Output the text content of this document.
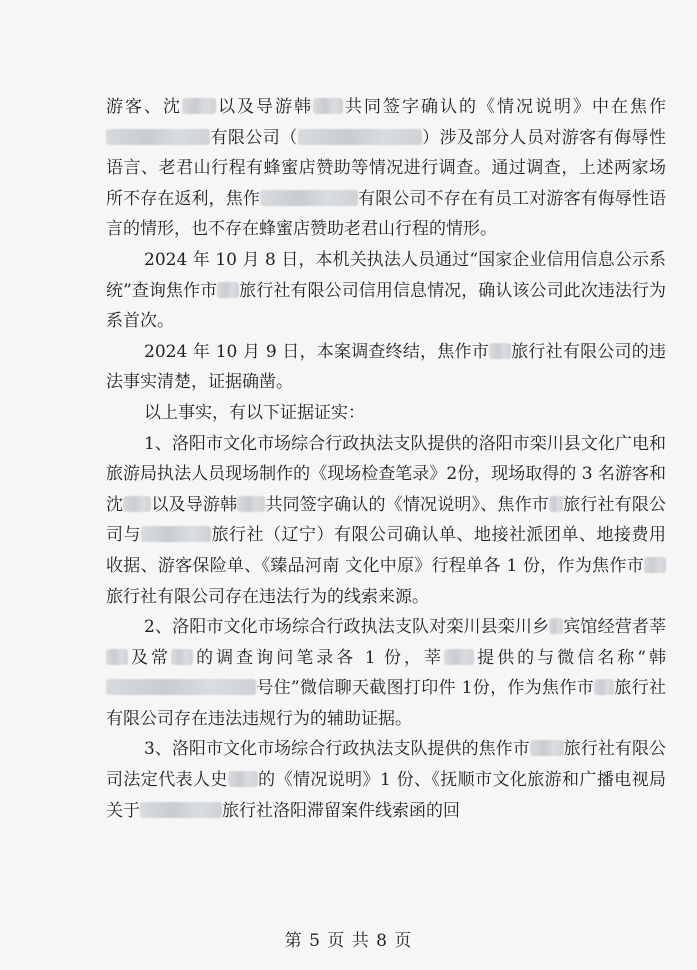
游客、沈 以及导游韩 共同签字确认的《情况说明》中在焦作有限公司（	）涉及部分人员对游客有侮辱性语言、老君山行程有蜂蜜店赞助等情况进行调查。通过调查，上述两家场所不存在返利，焦作	有限公司不存在有员工对游客有侮辱性语言的情形，也不存在蜂蜜店赞助老君山行程的情形。

2024 年 10 月 8 日，本机关执法人员通过“国家企业信用信息公示系统”查询焦作市 旅行社有限公司信用信息情况，确认该公司此次违法行为系首次。

2024 年 10 月 9 日，本案调查终结，焦作市 旅行社有限公司的违法事实清楚，证据确凿。

以上事实，有以下证据证实：

1、洛阳市文化市场综合行政执法支队提供的洛阳市栾川县文化广电和旅游局执法人员现场制作的《现场检查笔录》2份，现场取得的 3 名游客和沈 以及导游韩 共同签字确认的《情况说明》、焦作市 旅行社有限公司与	旅行社（辽宁）有限公司确认单、地接社派团单、地接费用收据、游客保险单、《臻品河南 文化中原》行程单各 1 份，作为焦作市旅行社有限公司存在违法行为的线索来源。

2、洛阳市文化市场综合行政执法支队对栾川县栾川乡 宾馆经营者莘及常 的调查询问笔录各 1 份，莘 提供的与微信名称“韩号住”微信聊天截图打印件 1份，作为焦作市 旅行社有限公司存在违法违规行为的辅助证据。

3、洛阳市文化市场综合行政执法支队提供的焦作市 旅行社有限公司法定代表人史 的《情况说明》1 份、《抚顺市文化旅游和广播电视局关于	旅行社洛阳滞留案件线索函的回

第 5 页 共 8 页
